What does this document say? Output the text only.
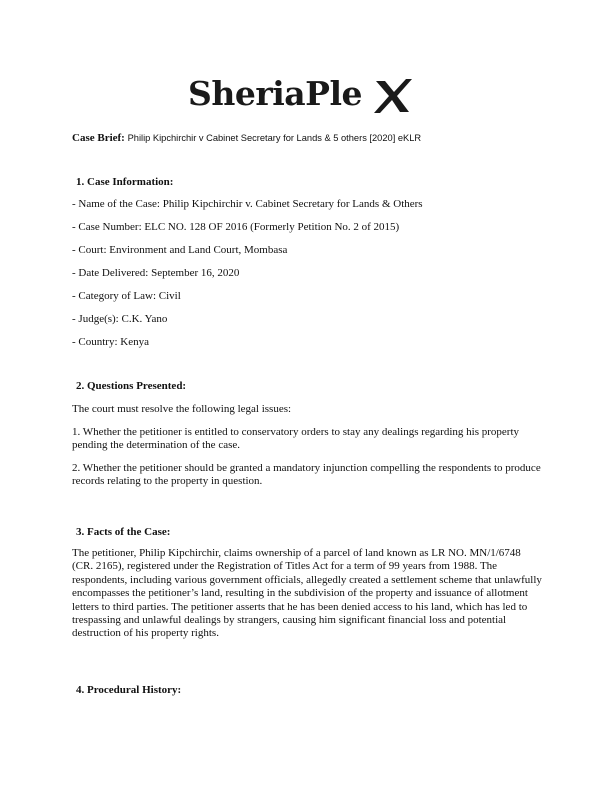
SheriaPle
Case Brief: Philip Kipchirchir v Cabinet Secretary for Lands & 5 others [2020] eKLR
1. Case Information:
- Name of the Case: Philip Kipchirchir v. Cabinet Secretary for Lands & Others
- Case Number: ELC NO. 128 OF 2016 (Formerly Petition No. 2 of 2015)
- Court: Environment and Land Court, Mombasa
- Date Delivered: September 16, 2020
- Category of Law: Civil
- Judge(s): C.K. Yano
- Country: Kenya
2. Questions Presented:
The court must resolve the following legal issues:
1. Whether the petitioner is entitled to conservatory orders to stay any dealings regarding his property pending the determination of the case.
2. Whether the petitioner should be granted a mandatory injunction compelling the respondents to produce records relating to the property in question.
3. Facts of the Case:
The petitioner, Philip Kipchirchir, claims ownership of a parcel of land known as LR NO. MN/1/6748 (CR. 2165), registered under the Registration of Titles Act for a term of 99 years from 1988. The respondents, including various government officials, allegedly created a settlement scheme that unlawfully encompasses the petitioner’s land, resulting in the subdivision of the property and issuance of allotment letters to third parties. The petitioner asserts that he has been denied access to his land, which has led to trespassing and unlawful dealings by strangers, causing him significant financial loss and potential destruction of his property rights.
4. Procedural History:
